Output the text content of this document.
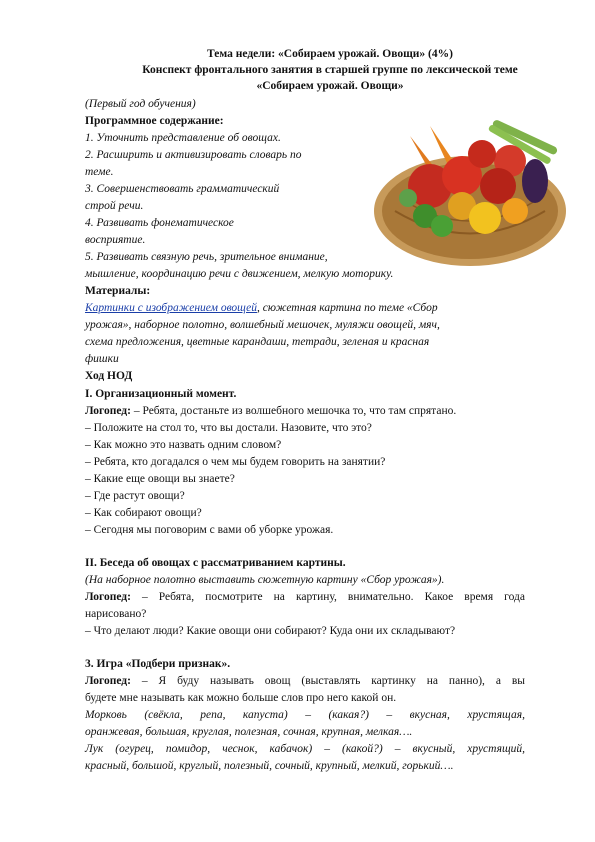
Тема недели: «Собираем урожай. Овощи» (4%)
Конспект фронтального занятия в старшей группе по лексической теме
«Собираем урожай. Овощи»
(Первый год обучения)
Программное содержание:
1. Уточнить представление об овощах.
2. Расширить и активизировать словарь по
теме.
3. Совершенствовать грамматический
строй речи.
4. Развивать фонематическое
восприятие.
5. Развивать связную речь, зрительное внимание,
мышление, координацию речи с движением, мелкую моторику.
Материалы:
Картинки с изображением овощей, сюжетная картина по теме «Сбор
урожая», наборное полотно, волшебный мешочек, муляжи овощей, мяч,
схема предложения, цветные карандаши, тетради, зеленая и красная
фишки
Ход НОД
I. Организационный момент.
Логопед: – Ребята, достаньте из волшебного мешочка то, что там спрятано.
– Положите на стол то, что вы достали. Назовите, что это?
– Как можно это назвать одним словом?
– Ребята, кто догадался о чем мы будем говорить на занятии?
– Какие еще овощи вы знаете?
– Где растут овощи?
– Как собирают овощи?
– Сегодня мы поговорим с вами об уборке урожая.
II. Беседа об овощах с рассматриванием картины.
(На наборное полотно выставить сюжетную картину «Сбор урожая»).
Логопед: – Ребята, посмотрите на картину, внимательно. Какое время года
нарисовано?
– Что делают люди? Какие овощи они собирают? Куда они их складывают?
3. Игра «Подбери признак».
Логопед: – Я буду называть овощ (выставлять картинку на панно), а вы
будете мне называть как можно больше слов про него какой он.
Морковь (свёкла, репа, капуста) – (какая?) – вкусная, хрустящая,
оранжевая, большая, круглая, полезная, сочная, крупная, мелкая….
Лук (огурец, помидор, чеснок, кабачок) – (какой?) – вкусный, хрустящий,
красный, большой, круглый, полезный, сочный, крупный, мелкий, горький….
